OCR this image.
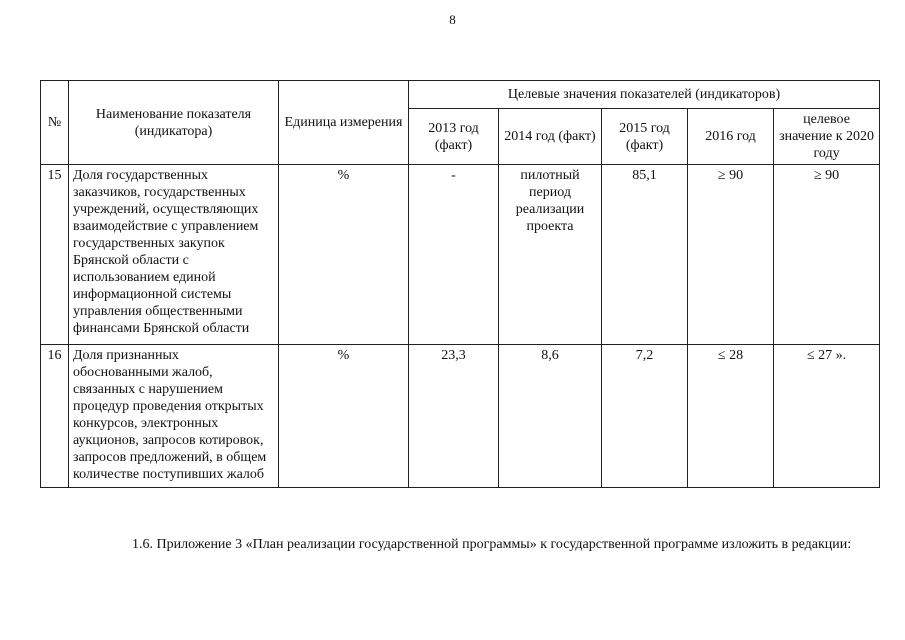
8
№	Наименование показателя (индикатора)	Единица измерения	Целевые значения показателей (индикаторов)				
			2013 год (факт)	2014 год (факт)	2015 год (факт)	2016 год	целевое значение к 2020 году
15	Доля государственных заказчиков, государственных учреждений, осуществляющих взаимодействие с управлением государственных закупок Брянской области с использованием единой информационной системы управления общественными финансами Брянской области	%	-	пилотный период реализации проекта	85,1	≥ 90	≥ 90
16	Доля признанных обоснованными жалоб, связанных с нарушением процедур проведения открытых конкурсов, электронных аукционов, запросов котировок, запросов предложений, в общем количестве поступивших жалоб	%	23,3	8,6	7,2	≤ 28	≤ 27 ».
1.6. Приложение 3 «План реализации государственной программы» к государственной программе изложить в редакции:
